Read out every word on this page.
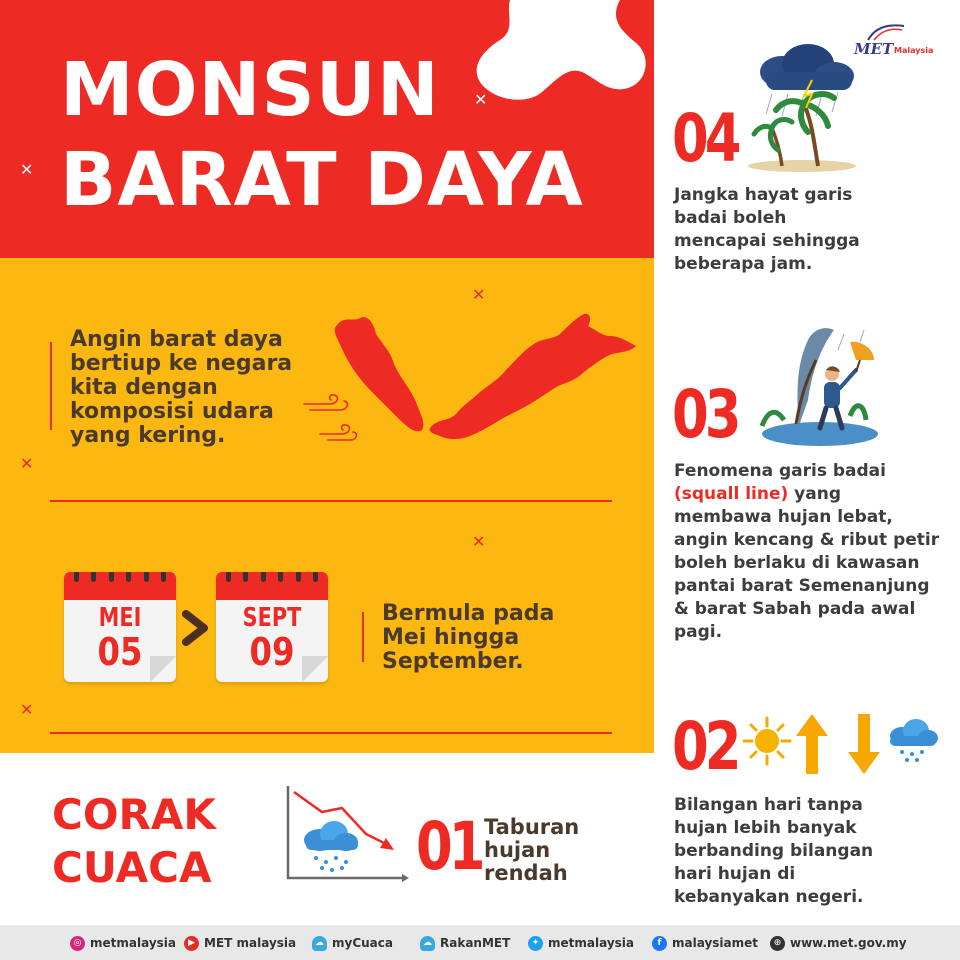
MONSUN
BARAT DAYA
✕
✕
✕
✕
✕
✕
Angin barat daya
bertiup ke negara
kita dengan
komposisi udara
yang kering.
MEI
05
SEPT
09
Bermula pada
Mei hingga
September.
CORAK
CUACA	01 Taburan
hujan
rendah
MET Malaysia
04
Jangka hayat garis
badai boleh
mencapai sehingga
beberapa jam.
03
Fenomena garis badai
(squall line) yang
membawa hujan lebat,
angin kencang & ribut petir
boleh berlaku di kawasan
pantai barat Semenanjung
& barat Sabah pada awal
pagi.
02
Bilangan hari tanpa
hujan lebih banyak
berbanding bilangan
hari hujan di
kebanyakan negeri.
◎ metmalaysia	▶ MET malaysia	☁ myCuaca	☁ RakanMET	✦ metmalaysia	f malaysiamet	⊕ www.met.gov.my
